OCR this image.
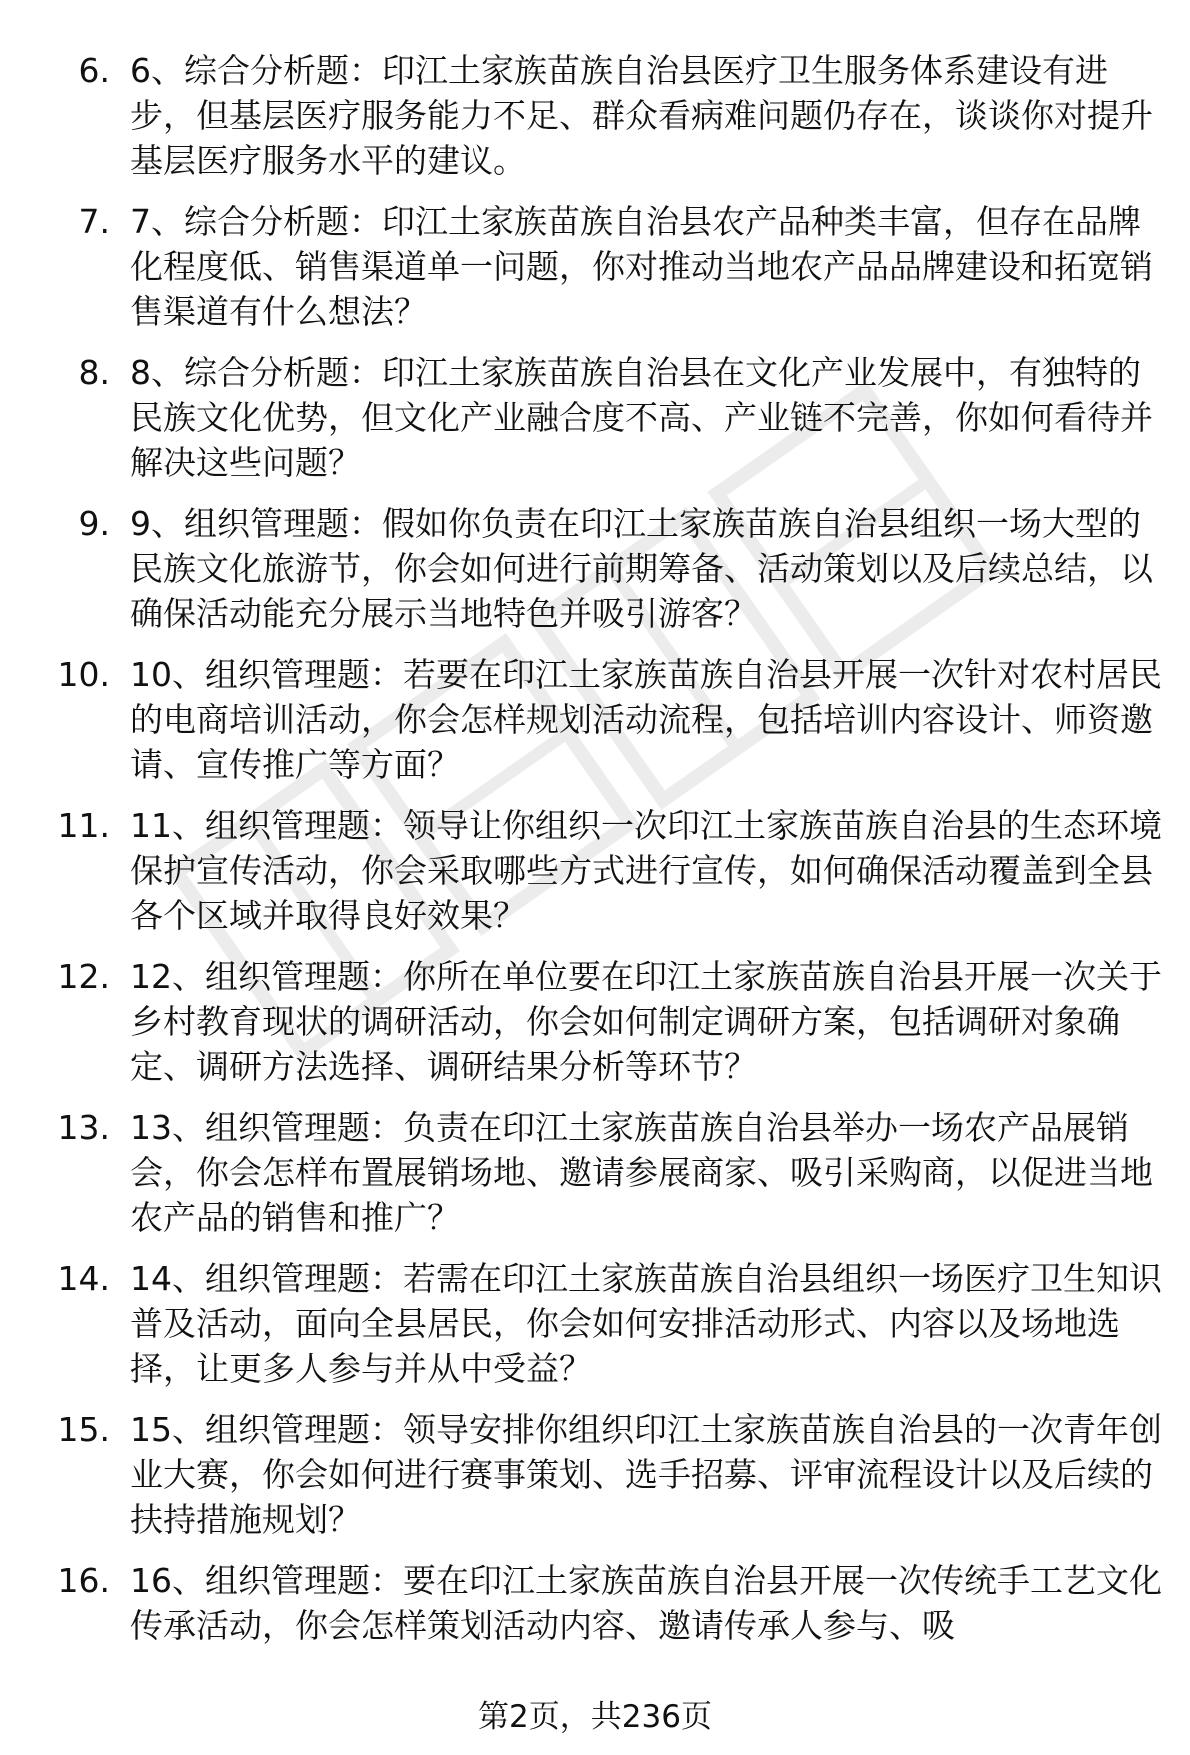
6. 6、综合分析题：印江土家族苗族自治县医疗卫生服务体系建设有进步，但基层医疗服务能力不足、群众看病难问题仍存在，谈谈你对提升基层医疗服务水平的建议。
7. 7、综合分析题：印江土家族苗族自治县农产品种类丰富，但存在品牌化程度低、销售渠道单一问题，你对推动当地农产品品牌建设和拓宽销售渠道有什么想法？
8. 8、综合分析题：印江土家族苗族自治县在文化产业发展中，有独特的民族文化优势，但文化产业融合度不高、产业链不完善，你如何看待并解决这些问题？
9. 9、组织管理题：假如你负责在印江土家族苗族自治县组织一场大型的民族文化旅游节，你会如何进行前期筹备、活动策划以及后续总结，以确保活动能充分展示当地特色并吸引游客？
10. 10、组织管理题：若要在印江土家族苗族自治县开展一次针对农村居民的电商培训活动，你会怎样规划活动流程，包括培训内容设计、师资邀请、宣传推广等方面？
11. 11、组织管理题：领导让你组织一次印江土家族苗族自治县的生态环境保护宣传活动，你会采取哪些方式进行宣传，如何确保活动覆盖到全县各个区域并取得良好效果？
12. 12、组织管理题：你所在单位要在印江土家族苗族自治县开展一次关于乡村教育现状的调研活动，你会如何制定调研方案，包括调研对象确定、调研方法选择、调研结果分析等环节？
13. 13、组织管理题：负责在印江土家族苗族自治县举办一场农产品展销会，你会怎样布置展销场地、邀请参展商家、吸引采购商，以促进当地农产品的销售和推广？
14. 14、组织管理题：若需在印江土家族苗族自治县组织一场医疗卫生知识普及活动，面向全县居民，你会如何安排活动形式、内容以及场地选择，让更多人参与并从中受益？
15. 15、组织管理题：领导安排你组织印江土家族苗族自治县的一次青年创业大赛，你会如何进行赛事策划、选手招募、评审流程设计以及后续的扶持措施规划？
16. 16、组织管理题：要在印江土家族苗族自治县开展一次传统手工艺文化传承活动，你会怎样策划活动内容、邀请传承人参与、吸
第2页，共236页
